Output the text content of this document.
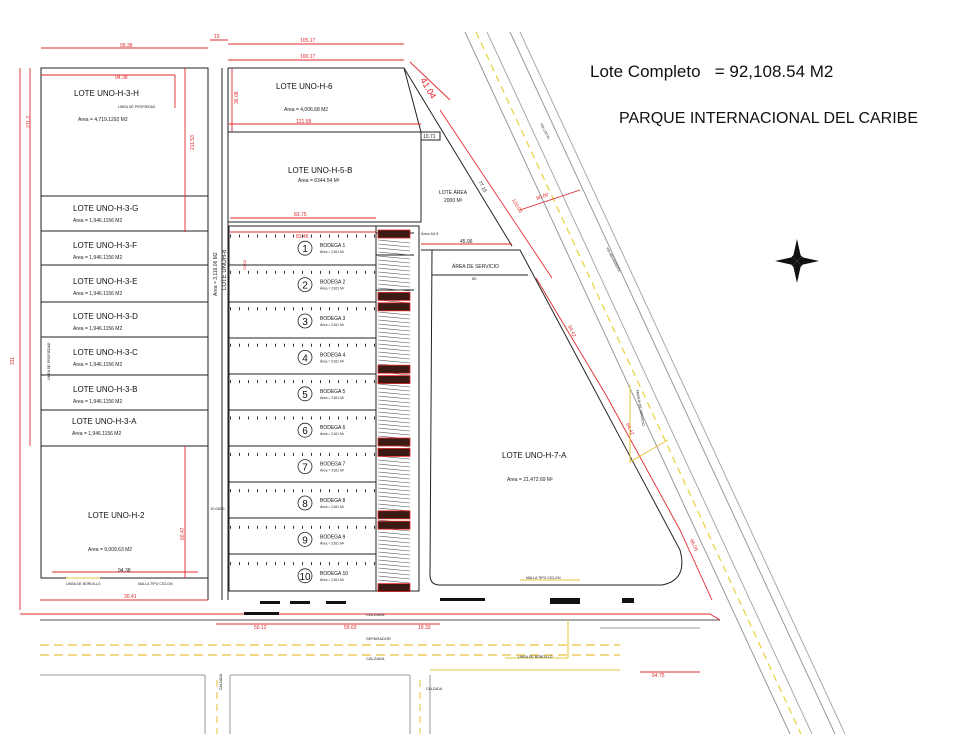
Lote Completo = 92,108.54 M2
PARQUE INTERNACIONAL DEL CARIBE
1 BODEGA 1
Área = 2161 M²
2 BODEGA 2
Área = 2161 M²
3 BODEGA 3
Área = 2161 M²
4 BODEGA 4
Área = 2161 M²
5 BODEGA 5
Área = 2161 M²
6 BODEGA 6
Área = 2161 M²
7 BODEGA 7
Área = 2161 M²
8 BODEGA 8
Área = 2161 M²
9 BODEGA 9
Área = 2161 M²
10 BODEGA 10
Área = 2161 M²
LOTE UNO-H-3-H
LINEA DE PROPIEDAD
Area = 4,719.1292 M2
LOTE UNO-H-3-G
Area = 1,946.1156 M2
LOTE UNO-H-3-F
Area = 1,946.1156 M2
LOTE UNO-H-3-E
Area = 1,946.1156 M2
LOTE UNO-H-3-D
Area = 1,946.1156 M2
LOTE UNO-H-3-C
Area = 1,946.1156 M2
LOTE UNO-H-3-B
Area = 1,946.1156 M2
LOTE UNO-H-3-A
Area = 1,946.1156 M2
LOTE UNO-H-2
Area = 9,009.63 M2
LOTE UNO-H-6
Area = 4,006.68 M2
LOTE UNO-H-5-B
Area = 6344.54 M²
LOTE UNO-H-7-A
Area = 21,472.69 M²
LOTE ÁREA
2000 M²
ÁREA DE SERVICIO
LOTE UNOH-8
Area = 3,116.06 M2
99.38
10
105.17
100.17
41.04
94.38
121.58
10.71
83.75
83.45
45.96
Área 64.9
50
94.38
30.41
50.12	59.63	19.33
64.75
311
211.2
211.53
36.08
60.47
20.00
10.0000
80.00
120.00
77.15
94.42
64.42
66.06
CALZADA
SEPARADOR
CALZADA
LINEA DE BORDILLO	MALLA TIPO CICLON
LINEA DE BORDILLO
MALLA TIPO CICLON
VIA LOCAL
VIA MEDIANERA
FRANJA DE SERVICIO
CALZADA
LINEA DE PROPIEDAD
CALZADA
